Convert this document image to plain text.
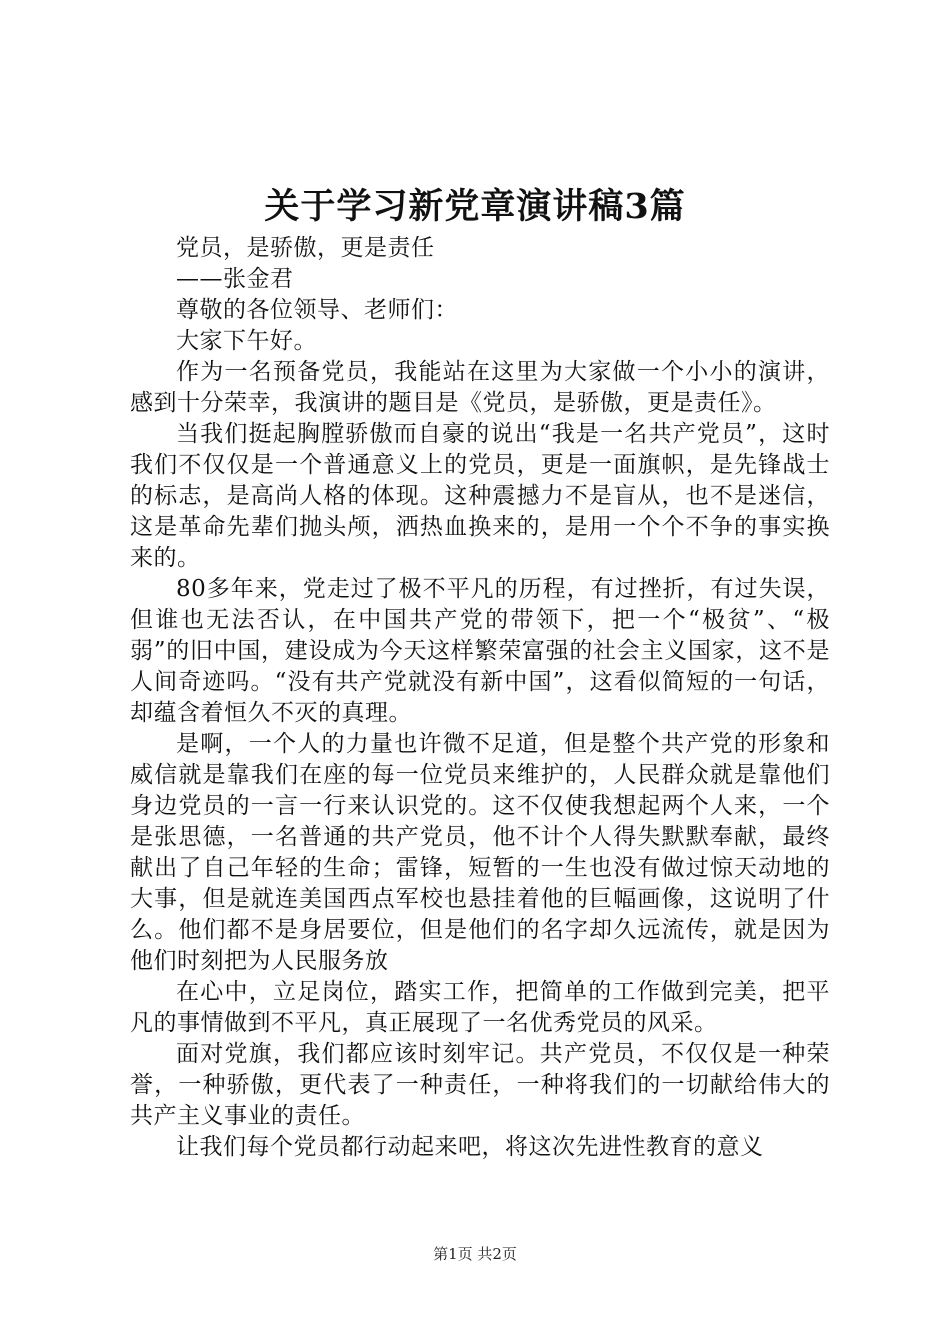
关于学习新党章演讲稿3篇

党员，是骄傲，更是责任

——张金君

尊敬的各位领导、老师们：

大家下午好。

作为一名预备党员，我能站在这里为大家做一个小小的演讲，感到十分荣幸，我演讲的题目是《党员，是骄傲，更是责任》。

当我们挺起胸膛骄傲而自豪的说出“我是一名共产党员”，这时我们不仅仅是一个普通意义上的党员，更是一面旗帜，是先锋战士的标志，是高尚人格的体现。这种震撼力不是盲从，也不是迷信，这是革命先辈们抛头颅，洒热血换来的，是用一个个不争的事实换来的。

80多年来，党走过了极不平凡的历程，有过挫折，有过失误，但谁也无法否认，在中国共产党的带领下，把一个“极贫”、“极弱”的旧中国，建设成为今天这样繁荣富强的社会主义国家，这不是人间奇迹吗。“没有共产党就没有新中国”，这看似简短的一句话，却蕴含着恒久不灭的真理。

是啊，一个人的力量也许微不足道，但是整个共产党的形象和威信就是靠我们在座的每一位党员来维护的，人民群众就是靠他们身边党员的一言一行来认识党的。这不仅使我想起两个人来，一个是张思德，一名普通的共产党员，他不计个人得失默默奉献，最终献出了自己年轻的生命；雷锋，短暂的一生也没有做过惊天动地的大事，但是就连美国西点军校也悬挂着他的巨幅画像，这说明了什么。他们都不是身居要位，但是他们的名字却久远流传，就是因为他们时刻把为人民服务放

在心中，立足岗位，踏实工作，把简单的工作做到完美，把平凡的事情做到不平凡，真正展现了一名优秀党员的风采。

面对党旗，我们都应该时刻牢记。共产党员，不仅仅是一种荣誉，一种骄傲，更代表了一种责任，一种将我们的一切献给伟大的共产主义事业的责任。

让我们每个党员都行动起来吧，将这次先进性教育的意义

第1页 共2页
